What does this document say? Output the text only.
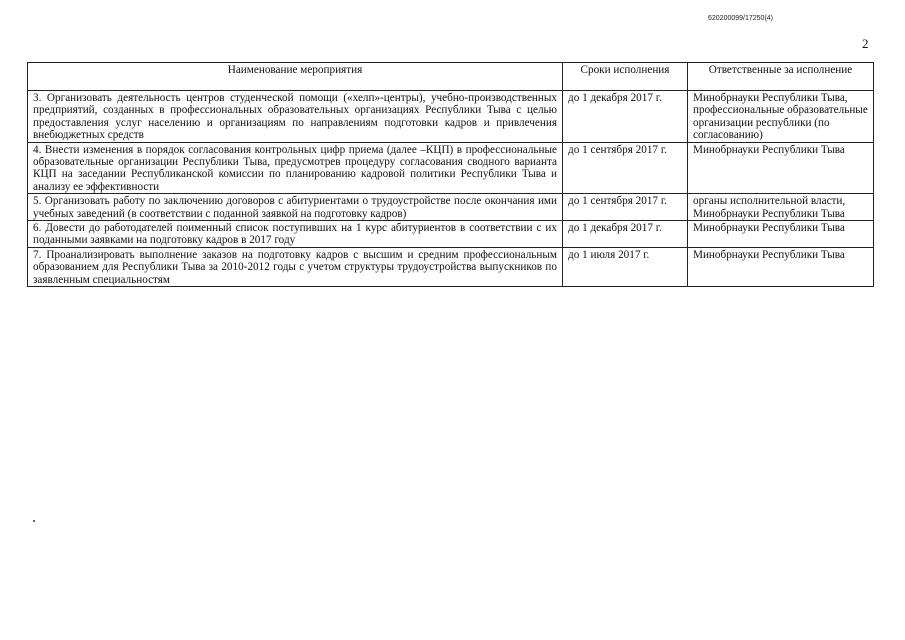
620200099/17250(4)
2
Наименование мероприятия	Сроки исполнения	Ответственные за исполнение
3. Организовать деятельность центров студенческой помощи («хелп»-центры), учебно-производственных предприятий, созданных в профессиональных образовательных организациях Республики Тыва с целью предоставления услуг населению и организациям по направлениям подготовки кадров и привлечения внебюджетных средств	до 1 декабря 2017 г.	Минобрнауки Республики Тыва, профессиональные образовательные организации республики (по согласованию)
4. Внести изменения в порядок согласования контрольных цифр приема (далее –КЦП) в профессиональные образовательные организации Республики Тыва, предусмотрев процедуру согласования сводного варианта КЦП на заседании Республиканской комиссии по планированию кадровой политики Республики Тыва и анализу ее эффективности	до 1 сентября 2017 г.	Минобрнауки Республики Тыва
5. Организовать работу по заключению договоров с абитуриентами о трудоустройстве после окончания ими учебных заведений (в соответствии с поданной заявкой на подготовку кадров)	до 1 сентября 2017 г.	органы исполнительной власти, Минобрнауки Республики Тыва
6. Довести до работодателей поименный список поступивших на 1 курс абитуриентов в соответствии с их поданными заявками на подготовку кадров в 2017 году	до 1 декабря 2017 г.	Минобрнауки Республики Тыва
7. Проанализировать выполнение заказов на подготовку кадров с высшим и средним профессиональным образованием для Республики Тыва за 2010-2012 годы с учетом структуры трудоустройства выпускников по заявленным специальностям	до 1 июля 2017 г.	Минобрнауки Республики Тыва
